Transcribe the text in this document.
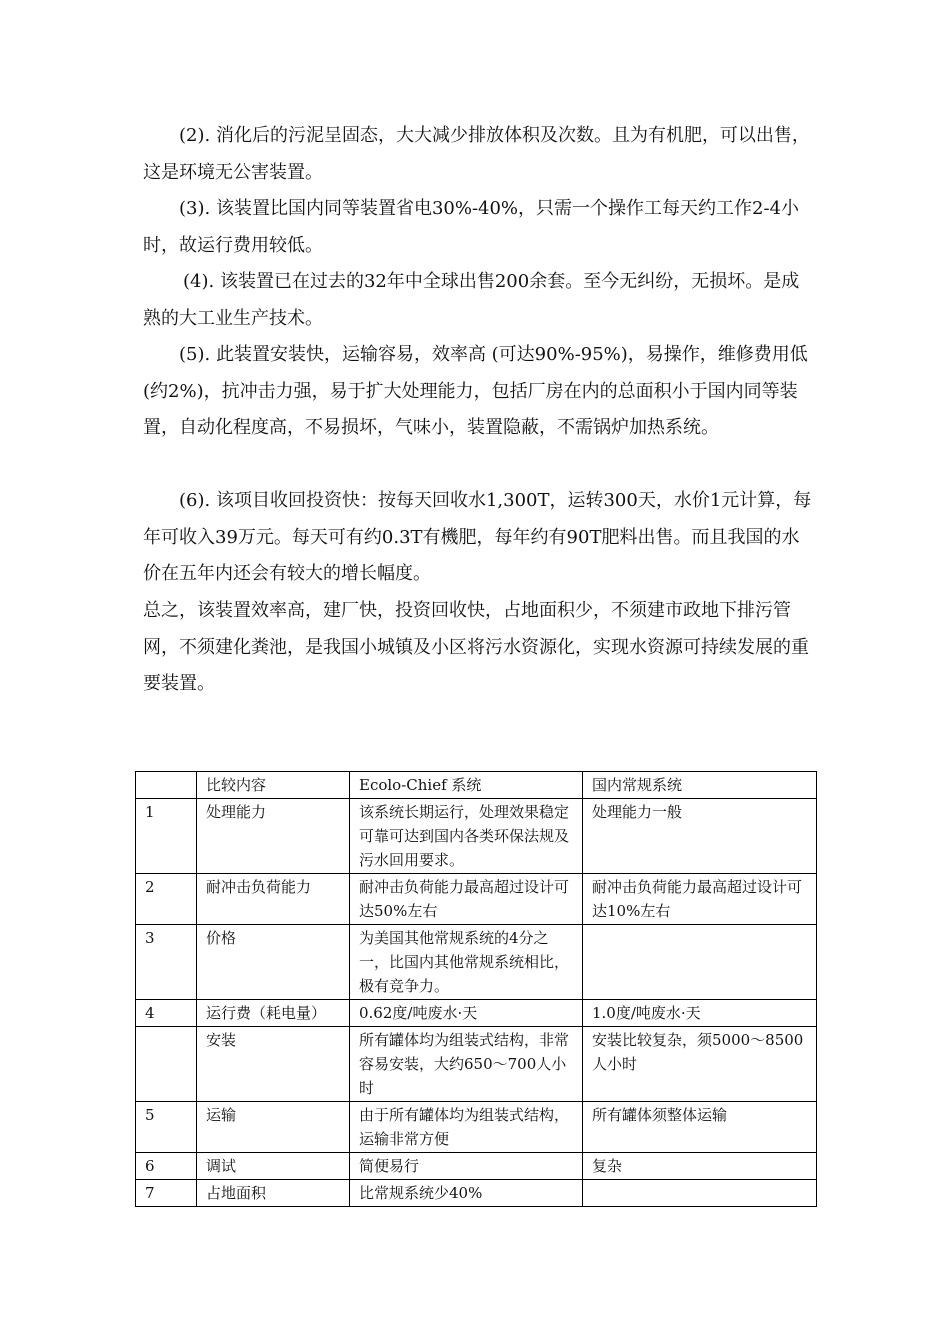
(2). 消化后的污泥呈固态，大大减少排放体积及次数。且为有机肥，可以出售，这是环境无公害装置。

(3). 该装置比国内同等装置省电30%-40%，只需一个操作工每天约工作2-4小时，故运行费用较低。

(4). 该装置已在过去的32年中全球出售200余套。至今无纠纷，无损坏。是成熟的大工业生产技术。

(5). 此装置安装快，运输容易，效率高 (可达90%-95%)，易操作，维修费用低(约2%)，抗冲击力强，易于扩大处理能力，包括厂房在内的总面积小于国内同等装置，自动化程度高，不易损坏，气味小，装置隐蔽，不需锅炉加热系统。

(6). 该项目收回投资快：按每天回收水1,300T，运转300天，水价1元计算，每年可收入39万元。每天可有约0.3T有機肥，每年约有90T肥料出售。而且我国的水价在五年内还会有较大的增长幅度。

总之，该装置效率高，建厂快，投资回收快，占地面积少，不须建市政地下排污管网，不须建化粪池，是我国小城镇及小区将污水资源化，实现水资源可持续发展的重要装置。

	比较内容	Ecolo-Chief 系统	国内常规系统
1	处理能力	该系统长期运行，处理效果稳定可靠可达到国内各类环保法规及污水回用要求。	处理能力一般
2	耐冲击负荷能力	耐冲击负荷能力最高超过设计可达50%左右	耐冲击负荷能力最高超过设计可达10%左右
3	价格	为美国其他常规系统的4分之一，比国内其他常规系统相比，极有竞争力。	
4	运行费（耗电量）	0.62度/吨废水·天	1.0度/吨废水·天
	安装	所有罐体均为组装式结构，非常容易安装，大约650～700人小时	安装比较复杂，须5000～8500人小时
5	运输	由于所有罐体均为组装式结构，运输非常方便	所有罐体须整体运输
6	调试	简便易行	复杂
7	占地面积	比常规系统少40%	
